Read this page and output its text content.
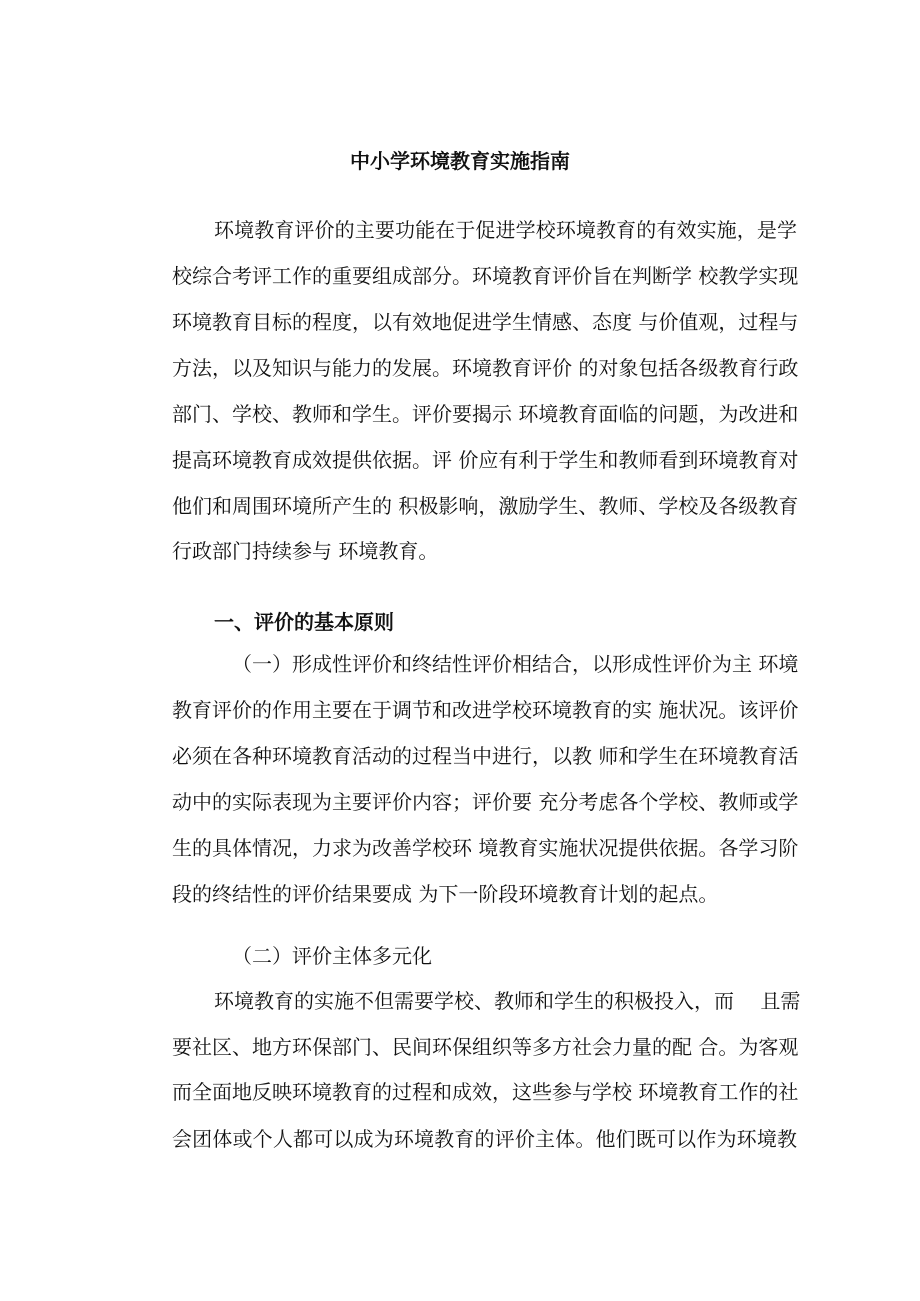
中小学环境教育实施指南
环境教育评价的主要功能在于促进学校环境教育的有效实施，是学
校综合考评工作的重要组成部分。环境教育评价旨在判断学 校教学实现
环境教育目标的程度，以有效地促进学生情感、态度 与价值观，过程与
方法，以及知识与能力的发展。环境教育评价 的对象包括各级教育行政
部门、学校、教师和学生。评价要揭示 环境教育面临的问题，为改进和
提高环境教育成效提供依据。评 价应有利于学生和教师看到环境教育对
他们和周围环境所产生的 积极影响，激励学生、教师、学校及各级教育
行政部门持续参与 环境教育。
一、评价的基本原则
（一）形成性评价和终结性评价相结合，以形成性评价为主 环境
教育评价的作用主要在于调节和改进学校环境教育的实 施状况。该评价
必须在各种环境教育活动的过程当中进行，以教 师和学生在环境教育活
动中的实际表现为主要评价内容；评价要 充分考虑各个学校、教师或学
生的具体情况，力求为改善学校环 境教育实施状况提供依据。各学习阶
段的终结性的评价结果要成 为下一阶段环境教育计划的起点。
（二）评价主体多元化
环境教育的实施不但需要学校、教师和学生的积极投入，而　 且需
要社区、地方环保部门、民间环保组织等多方社会力量的配 合。为客观
而全面地反映环境教育的过程和成效，这些参与学校 环境教育工作的社
会团体或个人都可以成为环境教育的评价主体。他们既可以作为环境教
